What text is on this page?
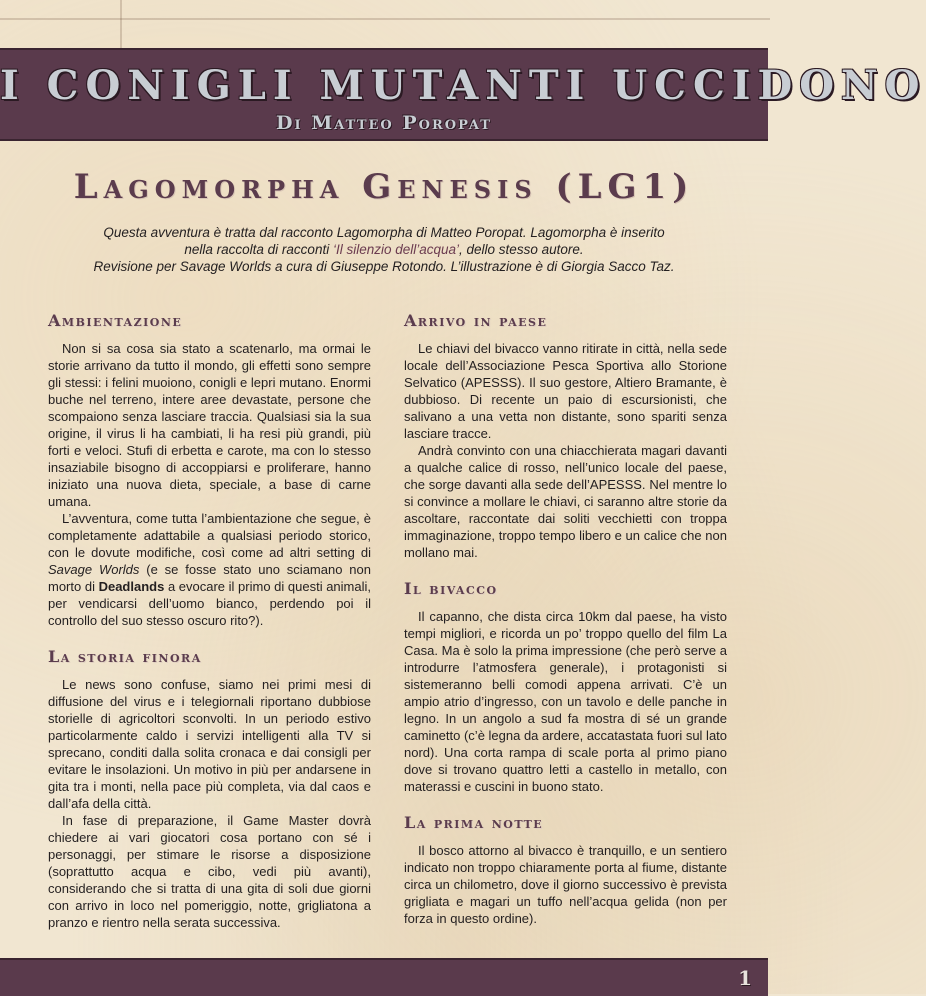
I CONIGLI MUTANTI UCCIDONO
Di Matteo Poropat
Lagomorpha Genesis (LG1)
Questa avventura è tratta dal racconto Lagomorpha di Matteo Poropat. Lagomorpha è inserito
nella raccolta di racconti ‘Il silenzio dell’acqua’, dello stesso autore.
Revisione per Savage Worlds a cura di Giuseppe Rotondo. L’illustrazione è di Giorgia Sacco Taz.
Ambientazione

Non si sa cosa sia stato a scatenarlo, ma ormai le storie arrivano da tutto il mondo, gli effetti sono sempre gli stessi: i felini muoiono, conigli e lepri mutano. Enormi buche nel terreno, intere aree devastate, persone che scompaiono senza lasciare traccia. Qualsiasi sia la sua origine, il virus li ha cambiati, li ha resi più grandi, più forti e veloci. Stufi di erbetta e carote, ma con lo stesso insaziabile bisogno di accoppiarsi e proliferare, hanno iniziato una nuova dieta, speciale, a base di carne umana.

L’avventura, come tutta l’ambientazione che segue, è completamente adattabile a qualsiasi periodo storico, con le dovute modifiche, così come ad altri setting di Savage Worlds (e se fosse stato uno sciamano non morto di Deadlands a evocare il primo di questi animali, per vendicarsi dell’uomo bianco, perdendo poi il controllo del suo stesso oscuro rito?).

La storia finora

Le news sono confuse, siamo nei primi mesi di diffusione del virus e i telegiornali riportano dubbiose storielle di agricoltori sconvolti. In un periodo estivo particolarmente caldo i servizi intelligenti alla TV si sprecano, conditi dalla solita cronaca e dai consigli per evitare le insolazioni. Un motivo in più per andarsene in gita tra i monti, nella pace più completa, via dal caos e dall’afa della città.

In fase di preparazione, il Game Master dovrà chiedere ai vari giocatori cosa portano con sé i personaggi, per stimare le risorse a disposizione (soprattutto acqua e cibo, vedi più avanti), considerando che si tratta di una gita di soli due giorni con arrivo in loco nel pomeriggio, notte, grigliatona a pranzo e rientro nella serata successiva.

Arrivo in paese

Le chiavi del bivacco vanno ritirate in città, nella sede locale dell’Associazione Pesca Sportiva allo Storione Selvatico (APESSS). Il suo gestore, Altiero Bramante, è dubbioso. Di recente un paio di escursionisti, che salivano a una vetta non distante, sono spariti senza lasciare tracce.

Andrà convinto con una chiacchierata magari davanti a qualche calice di rosso, nell’unico locale del paese, che sorge davanti alla sede dell’APESSS. Nel mentre lo si convince a mollare le chiavi, ci saranno altre storie da ascoltare, raccontate dai soliti vecchietti con troppa immaginazione, troppo tempo libero e un calice che non mollano mai.

Il bivacco

Il capanno, che dista circa 10km dal paese, ha visto tempi migliori, e ricorda un po’ troppo quello del film La Casa. Ma è solo la prima impressione (che però serve a introdurre l’atmosfera generale), i protagonisti si sistemeranno belli comodi appena arrivati. C’è un ampio atrio d’ingresso, con un tavolo e delle panche in legno. In un angolo a sud fa mostra di sé un grande caminetto (c’è legna da ardere, accatastata fuori sul lato nord). Una corta rampa di scale porta al primo piano dove si trovano quattro letti a castello in metallo, con materassi e cuscini in buono stato.

La prima notte

Il bosco attorno al bivacco è tranquillo, e un sentiero indicato non troppo chiaramente porta al fiume, distante circa un chilometro, dove il giorno successivo è prevista grigliata e magari un tuffo nell’acqua gelida (non per forza in questo ordine).

1
